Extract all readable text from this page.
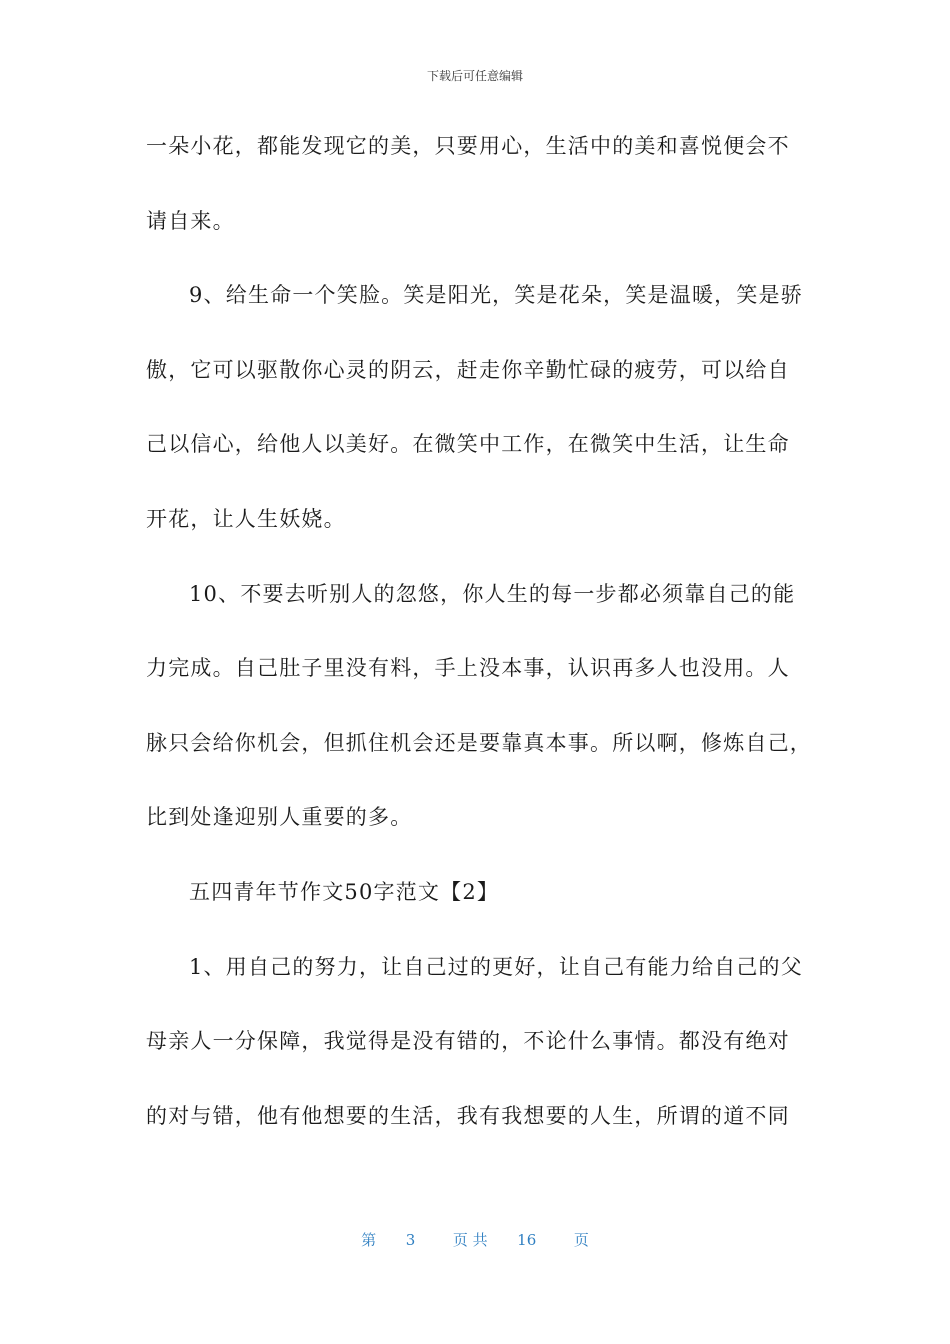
下载后可任意编辑
一朵小花，都能发现它的美，只要用心，生活中的美和喜悦便会不
请自来。
9、给生命一个笑脸。笑是阳光，笑是花朵，笑是温暖，笑是骄
傲，它可以驱散你心灵的阴云，赶走你辛勤忙碌的疲劳，可以给自
己以信心，给他人以美好。在微笑中工作，在微笑中生活，让生命
开花，让人生妖娆。
10、不要去听别人的忽悠，你人生的每一步都必须靠自己的能
力完成。自己肚子里没有料，手上没本事，认识再多人也没用。人
脉只会给你机会，但抓住机会还是要靠真本事。所以啊，修炼自己，
比到处逢迎别人重要的多。
五四青年节作文50字范文【2】
1、用自己的努力，让自己过的更好，让自己有能力给自己的父
母亲人一分保障，我觉得是没有错的，不论什么事情。都没有绝对
的对与错，他有他想要的生活，我有我想要的人生，所谓的道不同
第 3	页 共 16	页
